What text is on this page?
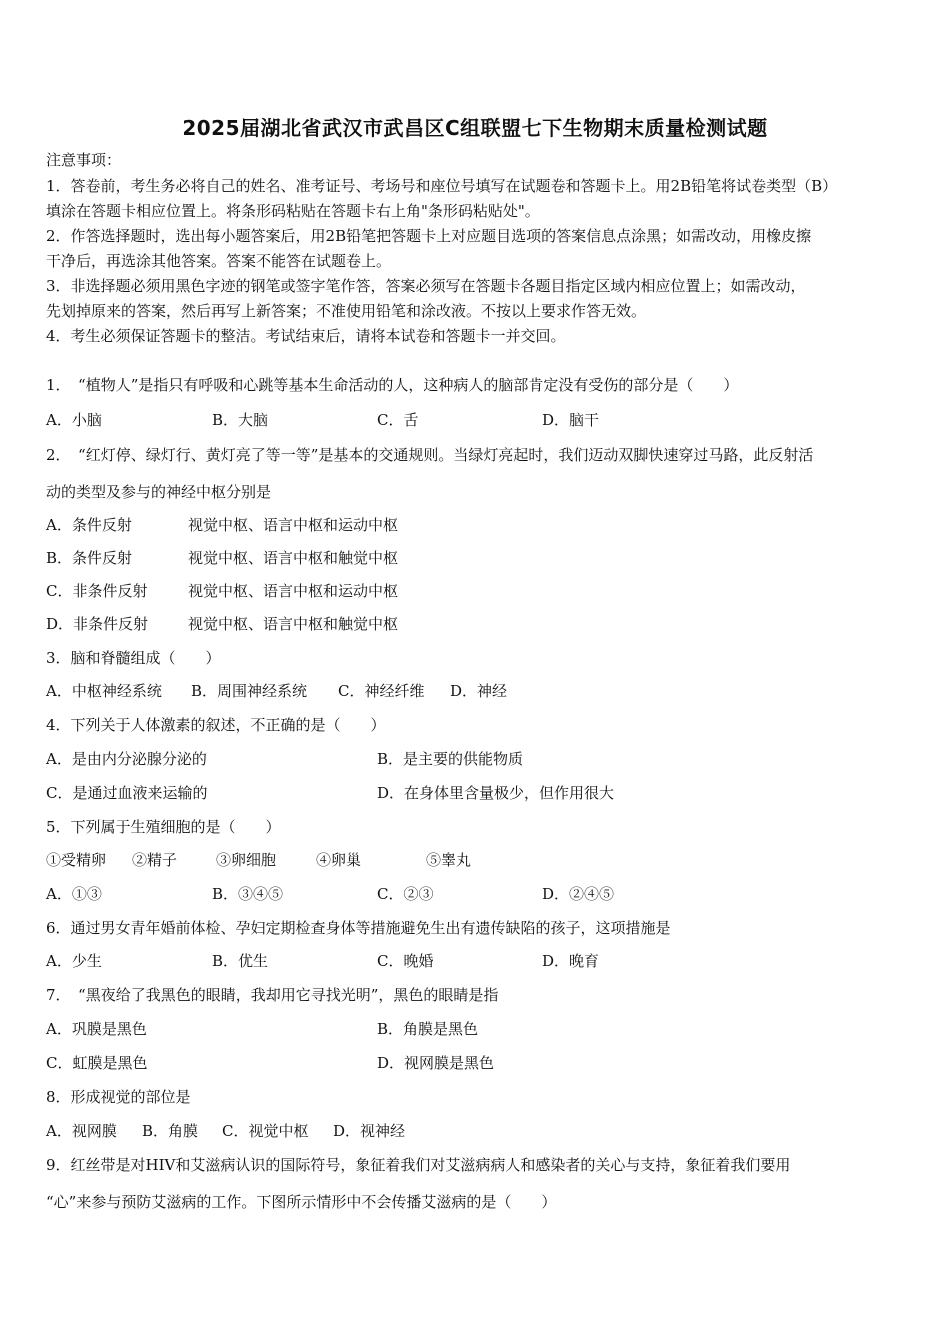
2025届湖北省武汉市武昌区C组联盟七下生物期末质量检测试题
注意事项：
1．答卷前，考生务必将自己的姓名、准考证号、考场号和座位号填写在试题卷和答题卡上。用2B铅笔将试卷类型（B）
填涂在答题卡相应位置上。将条形码粘贴在答题卡右上角"条形码粘贴处"。
2．作答选择题时，选出每小题答案后，用2B铅笔把答题卡上对应题目选项的答案信息点涂黑；如需改动，用橡皮擦
干净后，再选涂其他答案。答案不能答在试题卷上。
3．非选择题必须用黑色字迹的钢笔或签字笔作答，答案必须写在答题卡各题目指定区域内相应位置上；如需改动，
先划掉原来的答案，然后再写上新答案；不准使用铅笔和涂改液。不按以上要求作答无效。
4．考生必须保证答题卡的整洁。考试结束后，请将本试卷和答题卡一并交回。
1．　“植物人”是指只有呼吸和心跳等基本生命活动的人，这种病人的脑部肯定没有受伤的部分是（　　）
A．小脑	B．大脑	C．舌	D．脑干
2．　“红灯停、绿灯行、黄灯亮了等一等”是基本的交通规则。当绿灯亮起时，我们迈动双脚快速穿过马路，此反射活
动的类型及参与的神经中枢分别是
A．条件反射	视觉中枢、语言中枢和运动中枢
B．条件反射	视觉中枢、语言中枢和触觉中枢
C．非条件反射	视觉中枢、语言中枢和运动中枢
D．非条件反射	视觉中枢、语言中枢和触觉中枢
3．脑和脊髓组成（　　）
A．中枢神经系统 B．周围神经系统 C．神经纤维 D．神经
4．下列关于人体激素的叙述，不正确的是（　　）
A．是由内分泌腺分泌的	B．是主要的供能物质
C．是通过血液来运输的	D．在身体里含量极少，但作用很大
5．下列属于生殖细胞的是（　　）
①受精卵 ②精子	③卵细胞	④卵巢	⑤睾丸
A．①③	B．③④⑤	C．②③	D．②④⑤
6．通过男女青年婚前体检、孕妇定期检查身体等措施避免生出有遗传缺陷的孩子，这项措施是
A．少生	B．优生	C．晚婚	D．晚育
7．　“黑夜给了我黑色的眼睛，我却用它寻找光明”，黑色的眼睛是指
A．巩膜是黑色	B．角膜是黑色
C．虹膜是黑色	D．视网膜是黑色
8．形成视觉的部位是
A．视网膜 B．角膜 C．视觉中枢 D．视神经
9．红丝带是对HIV和艾滋病认识的国际符号，象征着我们对艾滋病病人和感染者的关心与支持，象征着我们要用
“心”来参与预防艾滋病的工作。下图所示情形中不会传播艾滋病的是（　　）
